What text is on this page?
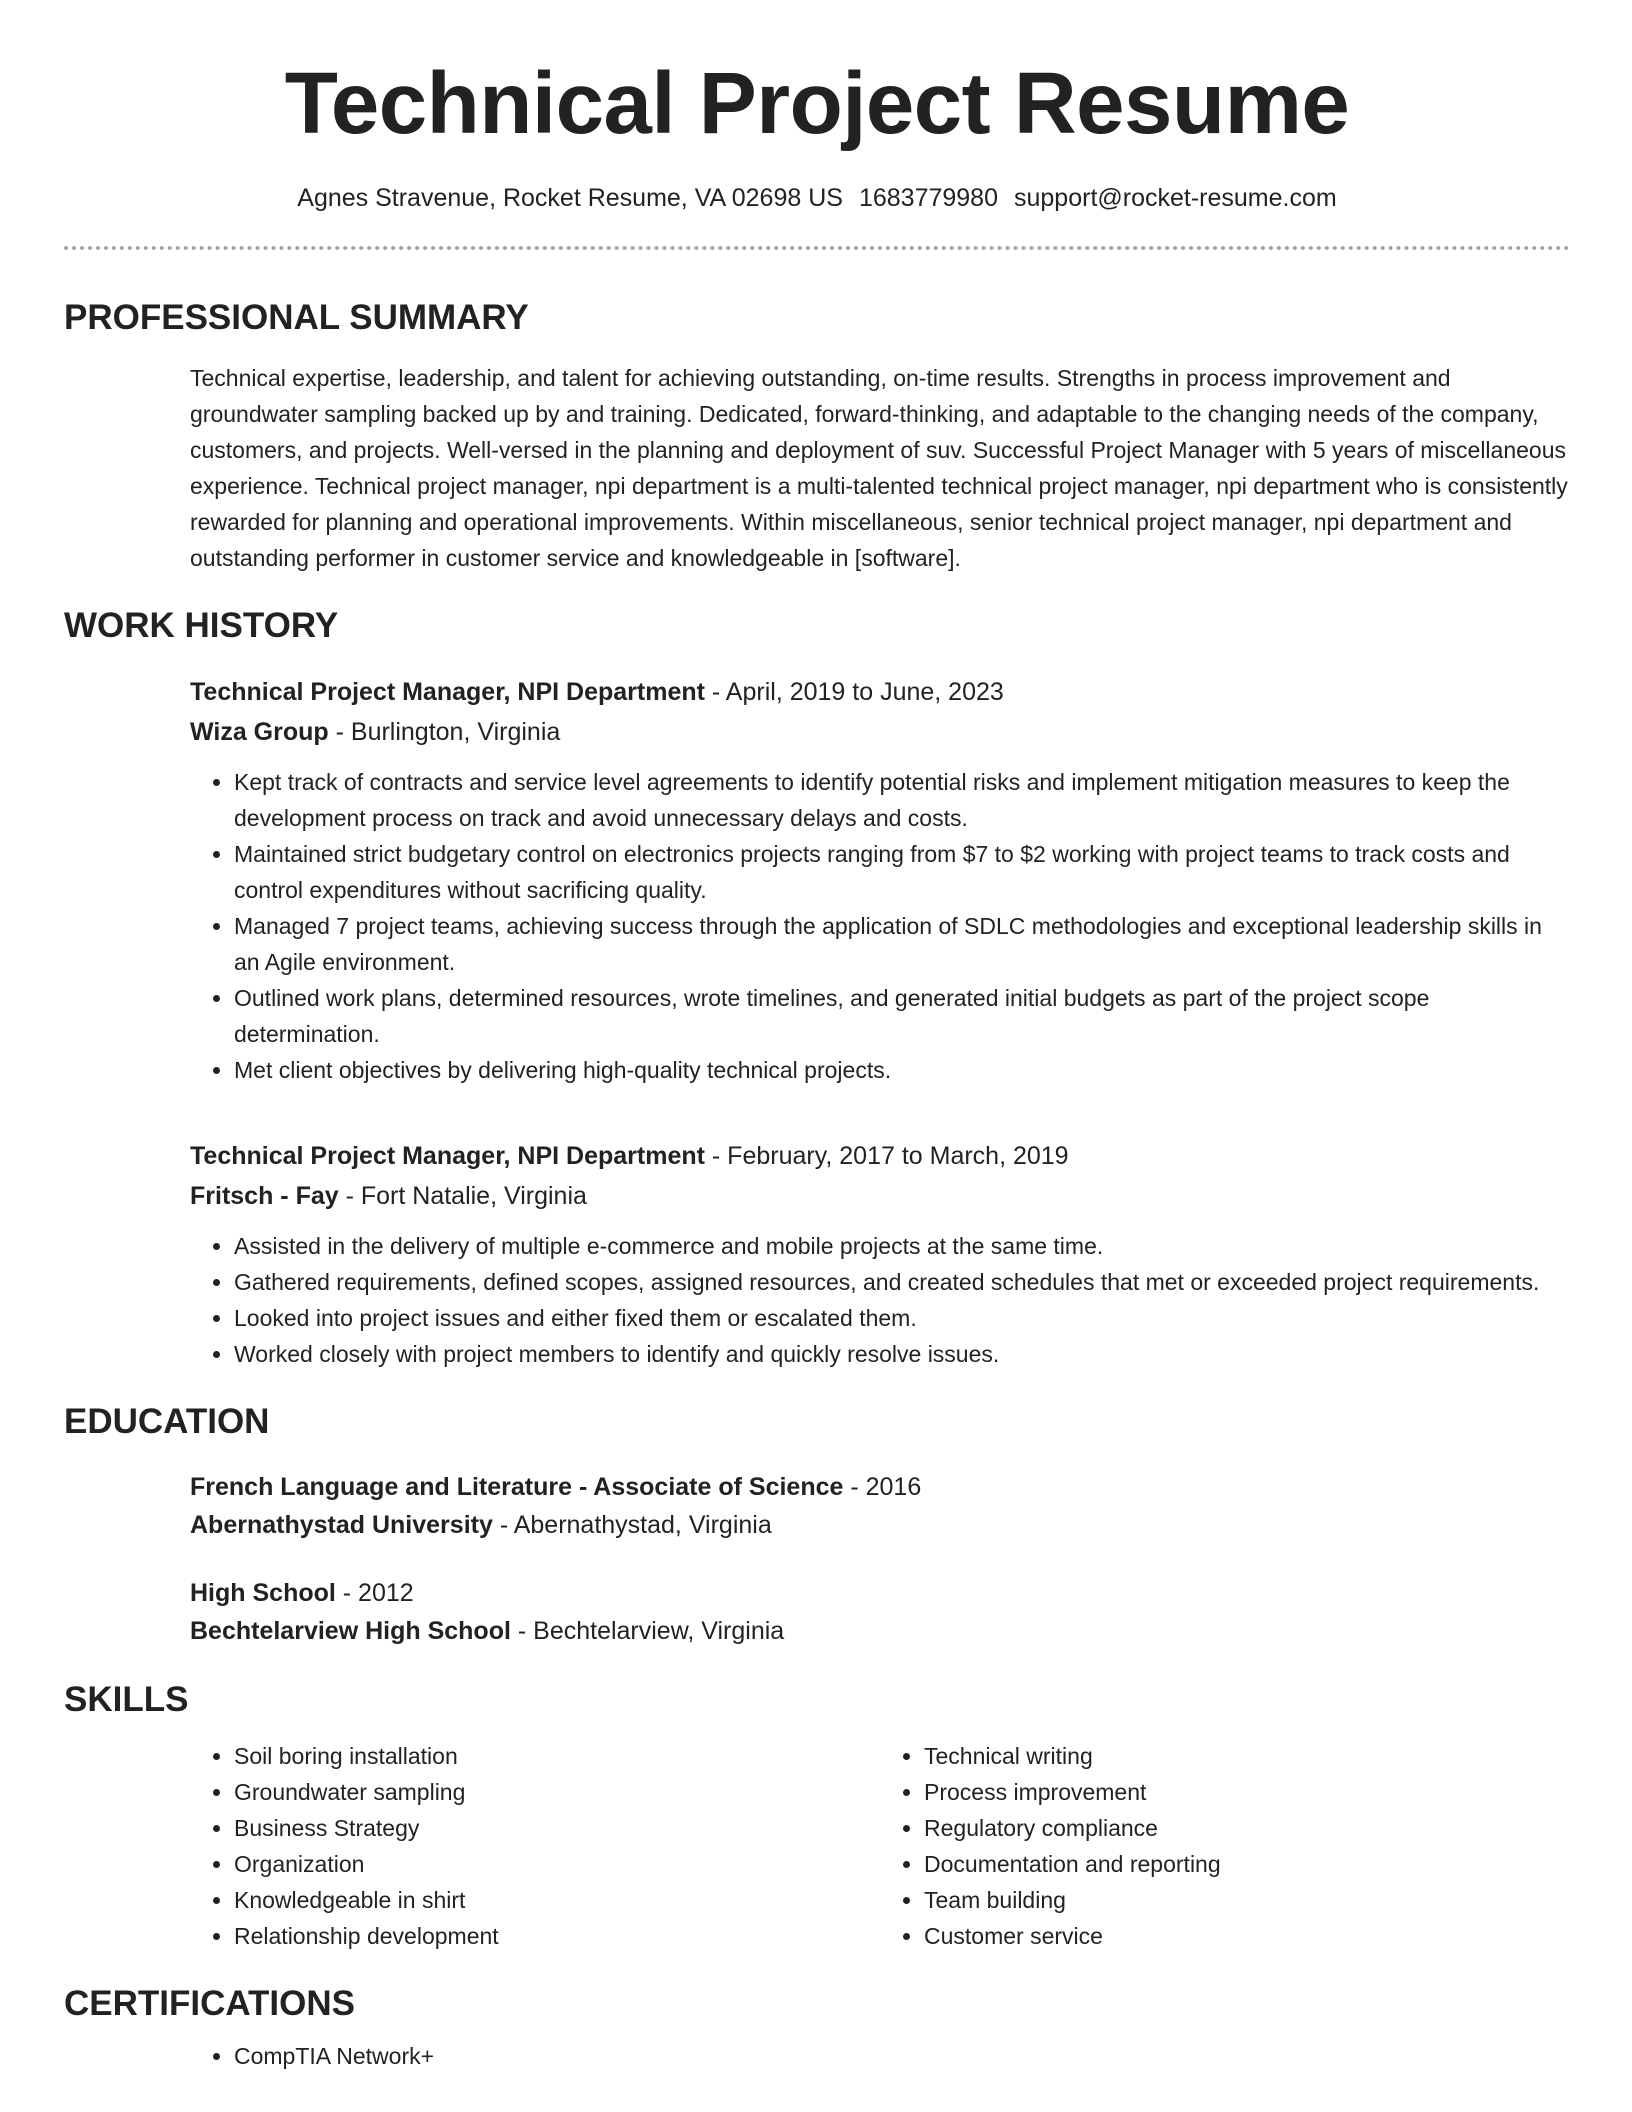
Technical Project Resume
Agnes Stravenue, Rocket Resume, VA 02698 US 1683779980 support@rocket-resume.com
PROFESSIONAL SUMMARY
Technical expertise, leadership, and talent for achieving outstanding, on-time results. Strengths in process improvement and groundwater sampling backed up by and training. Dedicated, forward-thinking, and adaptable to the changing needs of the company, customers, and projects. Well-versed in the planning and deployment of suv. Successful Project Manager with 5 years of miscellaneous experience. Technical project manager, npi department is a multi-talented technical project manager, npi department who is consistently rewarded for planning and operational improvements. Within miscellaneous, senior technical project manager, npi department and outstanding performer in customer service and knowledgeable in [software].
WORK HISTORY
Technical Project Manager, NPI Department - April, 2019 to June, 2023
Wiza Group - Burlington, Virginia
• Kept track of contracts and service level agreements to identify potential risks and implement mitigation measures to keep the development process on track and avoid unnecessary delays and costs.
• Maintained strict budgetary control on electronics projects ranging from $7 to $2 working with project teams to track costs and control expenditures without sacrificing quality.
• Managed 7 project teams, achieving success through the application of SDLC methodologies and exceptional leadership skills in an Agile environment.
• Outlined work plans, determined resources, wrote timelines, and generated initial budgets as part of the project scope determination.
• Met client objectives by delivering high-quality technical projects.
Technical Project Manager, NPI Department - February, 2017 to March, 2019
Fritsch - Fay - Fort Natalie, Virginia
• Assisted in the delivery of multiple e-commerce and mobile projects at the same time.
• Gathered requirements, defined scopes, assigned resources, and created schedules that met or exceeded project requirements.
• Looked into project issues and either fixed them or escalated them.
• Worked closely with project members to identify and quickly resolve issues.
EDUCATION
French Language and Literature - Associate of Science - 2016
Abernathystad University - Abernathystad, Virginia
High School - 2012
Bechtelarview High School - Bechtelarview, Virginia
SKILLS
• Soil boring installation
• Groundwater sampling
• Business Strategy
• Organization
• Knowledgeable in shirt
• Relationship development
• Technical writing
• Process improvement
• Regulatory compliance
• Documentation and reporting
• Team building
• Customer service
CERTIFICATIONS
• CompTIA Network+
